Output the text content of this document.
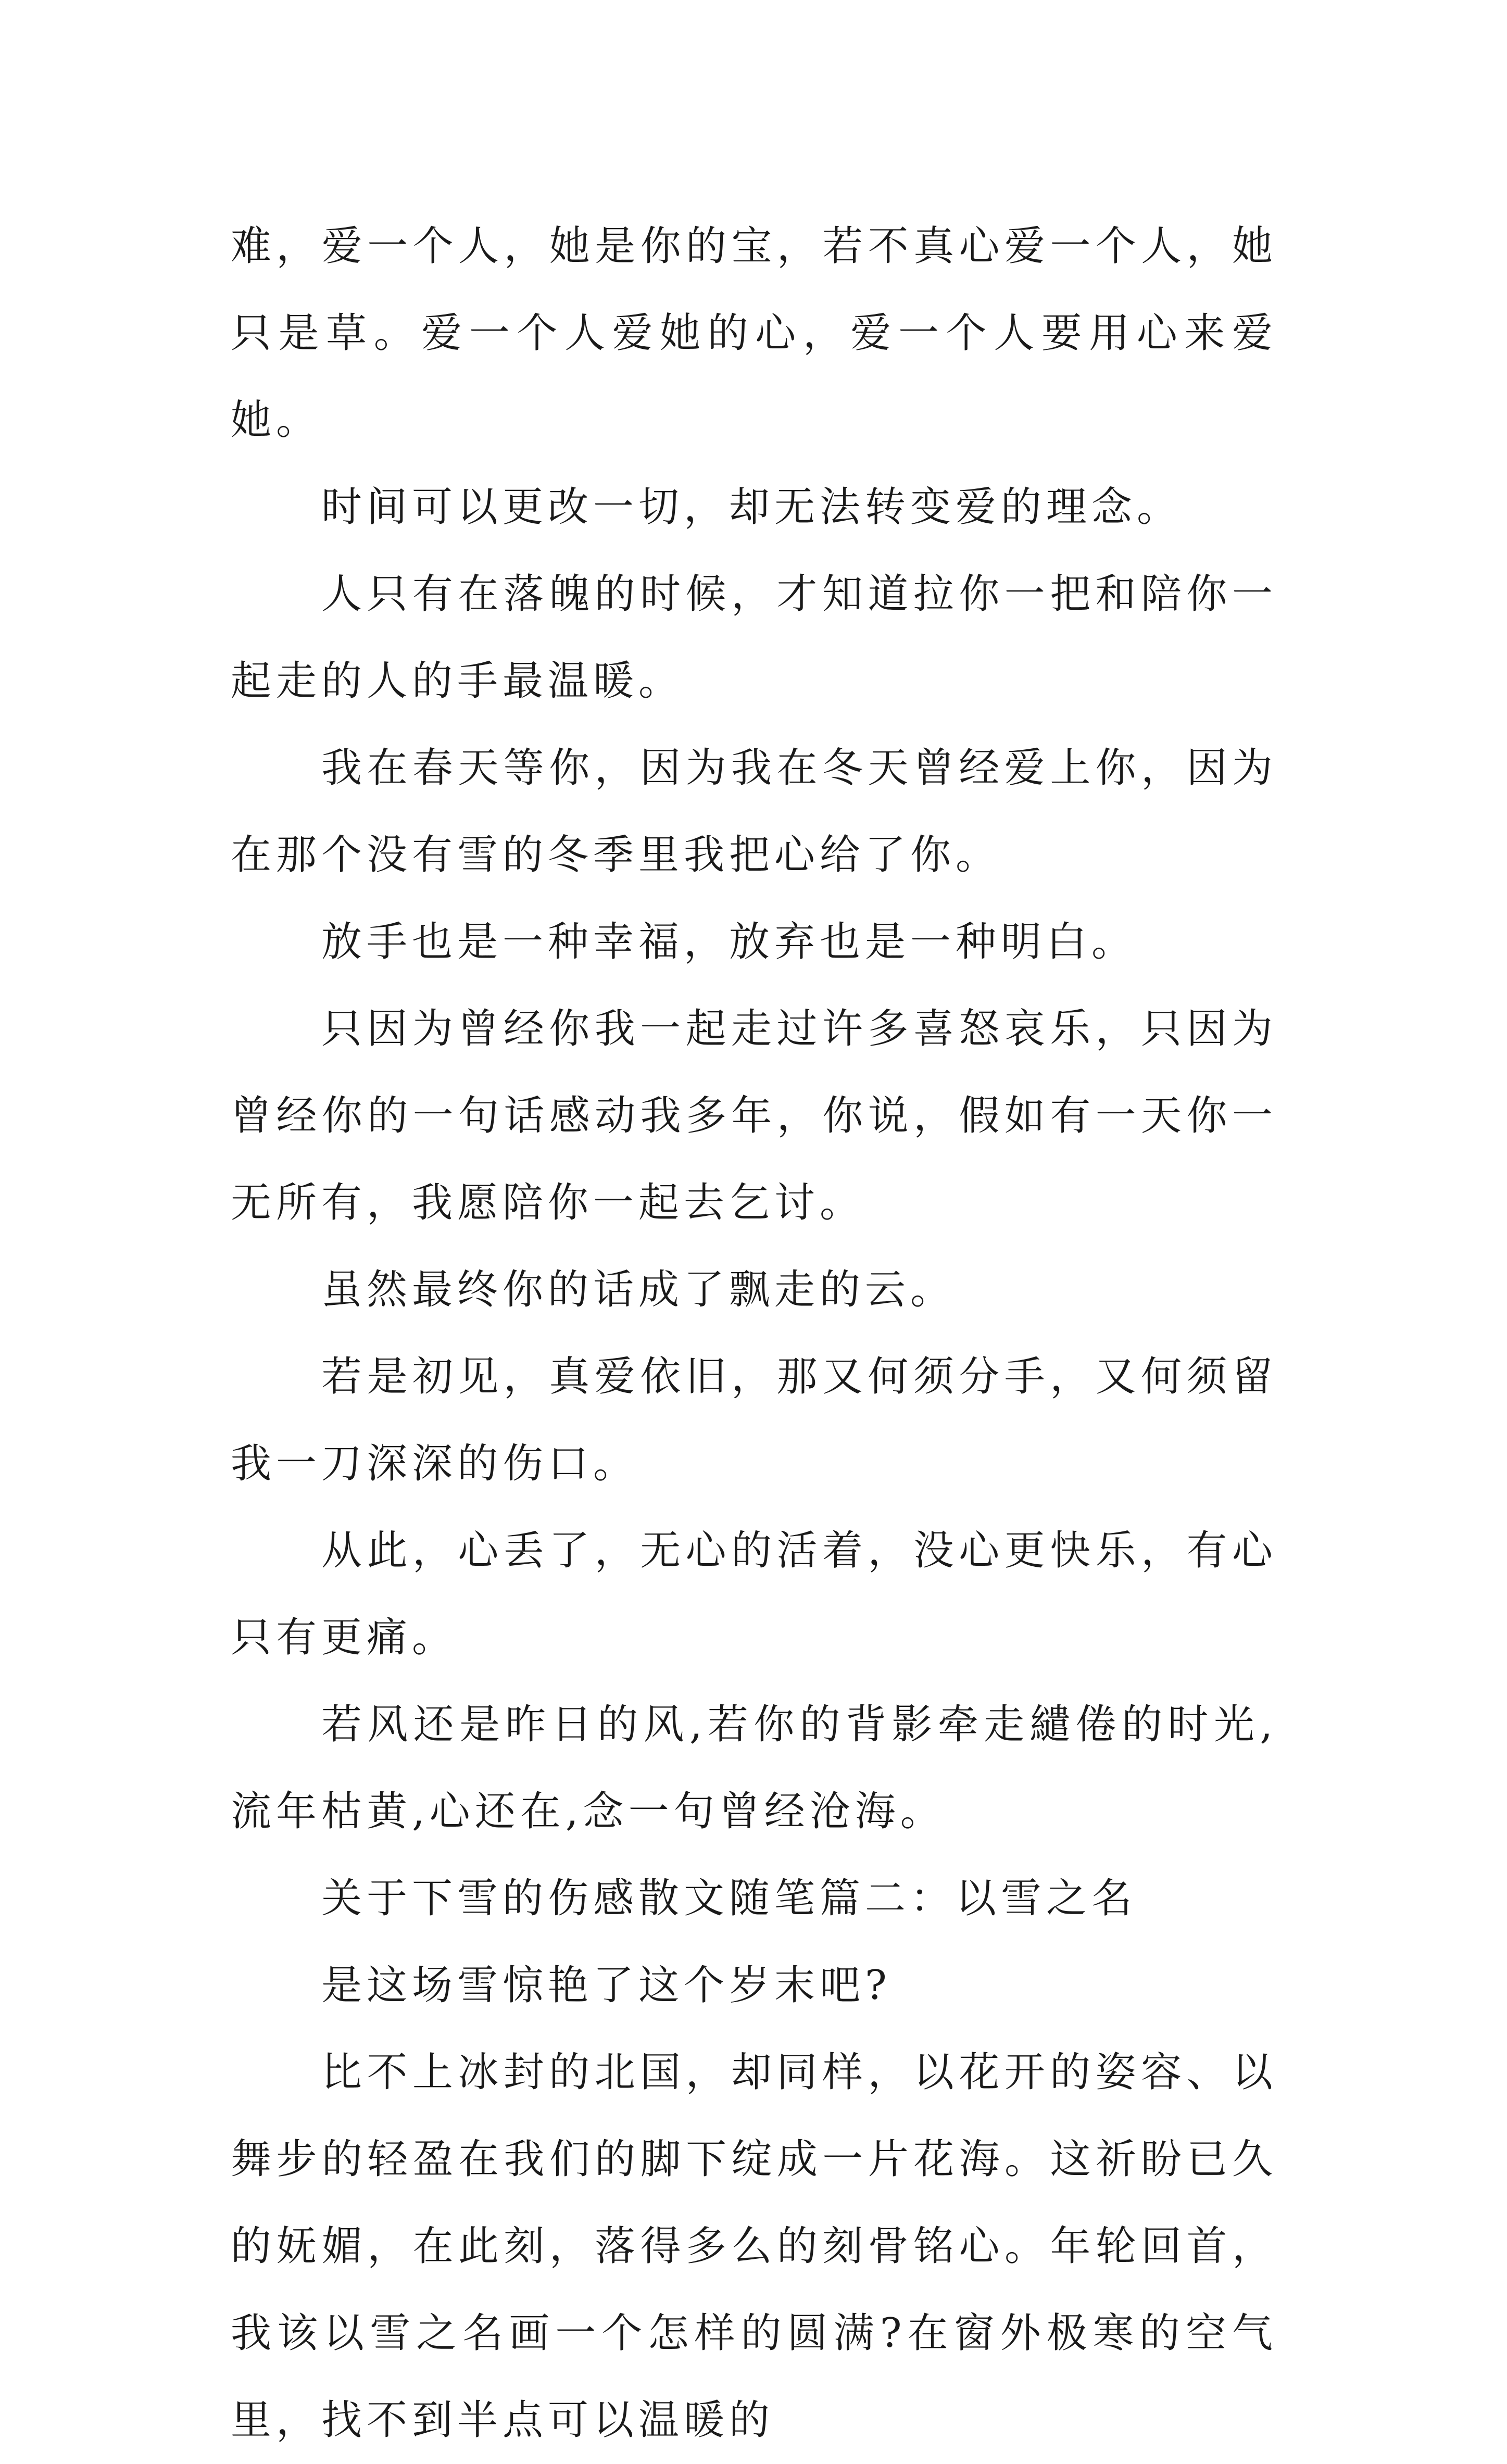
难，爱一个人，她是你的宝，若不真心爱一个人，她只是草。爱一个人爱她的心，爱一个人要用心来爱她。

时间可以更改一切，却无法转变爱的理念。

人只有在落魄的时候，才知道拉你一把和陪你一起走的人的手最温暖。

我在春天等你，因为我在冬天曾经爱上你，因为在那个没有雪的冬季里我把心给了你。

放手也是一种幸福，放弃也是一种明白。

只因为曾经你我一起走过许多喜怒哀乐，只因为曾经你的一句话感动我多年，你说，假如有一天你一无所有，我愿陪你一起去乞讨。

虽然最终你的话成了飘走的云。

若是初见，真爱依旧，那又何须分手，又何须留我一刀深深的伤口。

从此，心丢了，无心的活着，没心更快乐，有心只有更痛。

若风还是昨日的风,若你的背影牵走繾倦的时光,流年枯黄,心还在,念一句曾经沧海。

关于下雪的伤感散文随笔篇二：以雪之名

是这场雪惊艳了这个岁末吧?

比不上冰封的北国，却同样，以花开的姿容、以舞步的轻盈在我们的脚下绽成一片花海。这祈盼已久的妩媚，在此刻，落得多么的刻骨铭心。年轮回首，我该以雪之名画一个怎样的圆满?在窗外极寒的空气里，找不到半点可以温暖的
